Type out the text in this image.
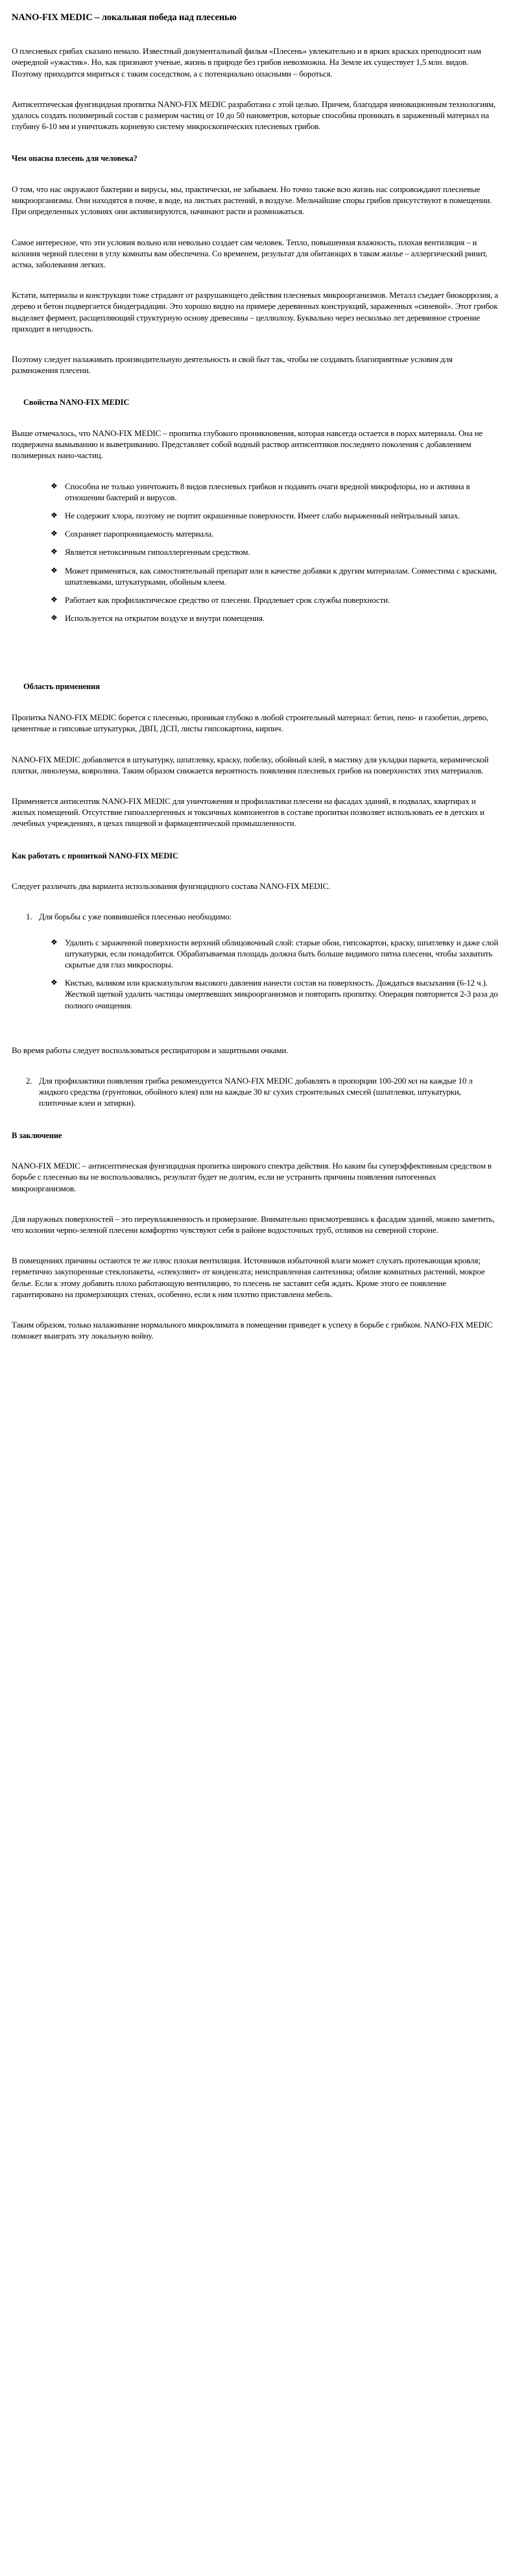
NANO-FIX MEDIC – локальная победа над плесенью

О плесневых грибах сказано немало. Известный документальный фильм «Плесень» увлекательно и в ярких красках преподносит нам очередной «ужастик». Но, как признают ученые, жизнь в природе без грибов невозможна. На Земле их существует 1,5 млн. видов. Поэтому приходится мириться с таким соседством, а с потенциально опасными – бороться.

Антисептическая фунгицидная пропитка NANO-FIX MEDIC разработана с этой целью. Причем, благодаря инновационным технологиям, удалось создать полимерный состав с размером частиц от 10 до 50 нанометров, которые способны проникать в зараженный материал на глубину 6-10 мм и уничтожать корневую систему микроскопических плесневых грибов.

Чем опасна плесень для человека?

О том, что нас окружают бактерии и вирусы, мы, практически, не забываем. Но точно также всю жизнь нас сопровождают плесневые микроорганизмы. Они находятся в почве, в воде, на листьях растений, в воздухе. Мельчайшие споры грибов присутствуют в помещении. При определенных условиях они активизируются, начинают расти и размножаться.

Самое интересное, что эти условия вольно или невольно создает сам человек. Тепло, повышенная влажность, плохая вентиляция – и колония черной плесени в углу комнаты вам обеспечена. Со временем, результат для обитающих в таком жилье – аллергический ринит, астма, заболевания легких.

Кстати, материалы и конструкции тоже страдают от разрушающего действия плесневых микроорганизмов. Металл съедает биокоррозия, а дерево и бетон подвергается биодеградации. Это хорошо видно на примере деревянных конструкций, зараженных «синевой». Этот грибок выделяет фермент, расщепляющий структурную основу древесины – целлюлозу. Буквально через несколько лет деревянное строение приходит в негодность.

Поэтому следует налаживать производительную деятельность и свой быт так, чтобы не создавать благоприятные условия для размножения плесени.

Свойства NANO-FIX MEDIC

Выше отмечалось, что NANO-FIX MEDIC – пропитка глубокого проникновения, которая навсегда остается в порах материала. Она не подвержена вымыванию и выветриванию. Представляет собой водный раствор антисептиков последнего поколения с добавлением полимерных нано-частиц.

❖ Способна не только уничтожить 8 видов плесневых грибков и подавить очаги вредной микрофлоры, но и активна в отношении бактерий и вирусов.
❖ Не содержит хлора, поэтому не портит окрашенные поверхности. Имеет слабо выраженный нейтральный запах.
❖ Сохраняет паропроницаемость материала.
❖ Является нетоксичным гипоаллергенным средством.
❖ Может применяться, как самостоятельный препарат или в качестве добавки к другим материалам. Совместима с красками, шпатлевками, штукатурками, обойным клеем.
❖ Работает как профилактическое средство от плесени. Продлевает срок службы поверхности.
❖ Используется на открытом воздухе и внутри помещения.
Область применения

Пропитка NANO-FIX MEDIC борется с плесенью, проникая глубоко в любой строительный материал: бетон, пено- и газобетон, дерево, цементные и гипсовые штукатурки, ДВП, ДСП, листы гипсокартона, кирпич.

NANO-FIX MEDIC добавляется в штукатурку, шпатлевку, краску, побелку, обойный клей, в мастику для укладки паркета, керамической плитки, линолеума, ковролина. Таким образом снижается вероятность появления плесневых грибов на поверхностях этих материалов.

Применяется антисептик NANO-FIX MEDIC для уничтожения и профилактики плесени на фасадах зданий, в подвалах, квартирах и жилых помещений. Отсутствие гипоаллергенных и токсичных компонентов в составе пропитки позволяет использовать ее в детских и лечебных учреждениях, в цехах пищевой и фармацевтической промышленности.

Как работать с пропиткой NANO-FIX MEDIC

Следует различать два варианта использования фунгицидного состава NANO-FIX MEDIC.

1. Для борьбы с уже появившейся плесенью необходимо:
❖ Удалить с зараженной поверхности верхний облицовочный слой: старые обои, гипсокартон, краску, шпатлевку и даже слой штукатурки, если понадобится. Обрабатываемая площадь должна быть больше видимого пятна плесени, чтобы захватить скрытые для глаз микроспоры.
❖ Кистью, валиком или краскопультом высокого давления нанести состав на поверхность. Дождаться высыхания (6-12 ч.). Жесткой щеткой удалить частицы омертвевших микроорганизмов и повторить пропитку. Операция повторяется 2-3 раза до полного очищения.

Во время работы следует воспользоваться респиратором и защитными очками.

2. Для профилактики появления грибка рекомендуется NANO-FIX MEDIC добавлять в пропорции 100-200 мл на каждые 10 л жидкого средства (грунтовки, обойного клея) или на каждые 30 кг сухих строительных смесей (шпатлевки, штукатурки, плиточные клеи и затирки).
В заключение

NANO-FIX MEDIC – антисептическая фунгицидная пропитка широкого спектра действия. Но каким бы суперэффективным средством в борьбе с плесенью вы не воспользовались, результат будет не долгим, если не устранить причины появления патогенных микроорганизмов.

Для наружных поверхностей – это переувлажненность и промерзание. Внимательно присмотревшись к фасадам зданий, можно заметить, что колонии черно-зеленой плесени комфортно чувствуют себя в районе водосточных труб, отливов на северной стороне.

В помещениях причины остаются те же плюс плохая вентиляция. Источников избыточной влаги может слухать протекающая кровля; герметично закупоренные стеклопакеты, «спекулянт» от конденсата; неисправленная сантехника; обилие комнатных растений, мокрое белье. Если к этому добавить плохо работающую вентиляцию, то плесень не заставит себя ждать. Кроме этого ее появление гарантировано на промерзающих стенах, особенно, если к ним плотно приставлена мебель.

Таким образом, только налаживание нормального микроклимата в помещении приведет к успеху в борьбе с грибком. NANO-FIX MEDIC поможет выиграть эту локальную войну.
